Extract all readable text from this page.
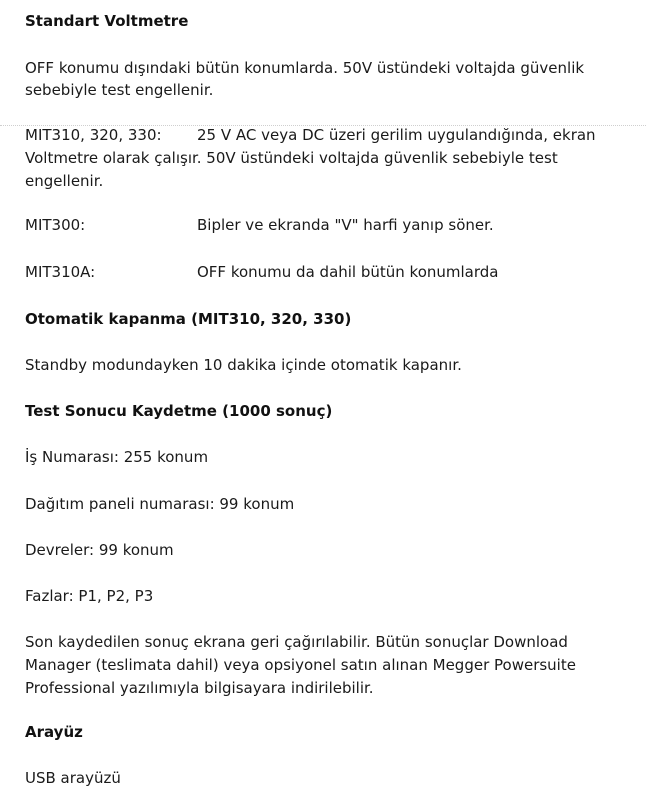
Standart Voltmetre
OFF konumu dışındaki bütün konumlarda. 50V üstündeki voltajda güvenlik
sebebiyle test engellenir.
MIT310, 320, 330: 25 V AC veya DC üzeri gerilim uygulandığında, ekran
Voltmetre olarak çalışır. 50V üstündeki voltajda güvenlik sebebiyle test
engellenir.
MIT300:	Bipler ve ekranda "V" harfi yanıp söner.
MIT310A:	OFF konumu da dahil bütün konumlarda
Otomatik kapanma (MIT310, 320, 330)
Standby modundayken 10 dakika içinde otomatik kapanır.
Test Sonucu Kaydetme (1000 sonuç)
İş Numarası: 255 konum
Dağıtım paneli numarası: 99 konum
Devreler: 99 konum
Fazlar: P1, P2, P3
Son kaydedilen sonuç ekrana geri çağırılabilir. Bütün sonuçlar Download
Manager (teslimata dahil) veya opsiyonel satın alınan Megger Powersuite
Professional yazılımıyla bilgisayara indirilebilir.
Arayüz
USB arayüzü
